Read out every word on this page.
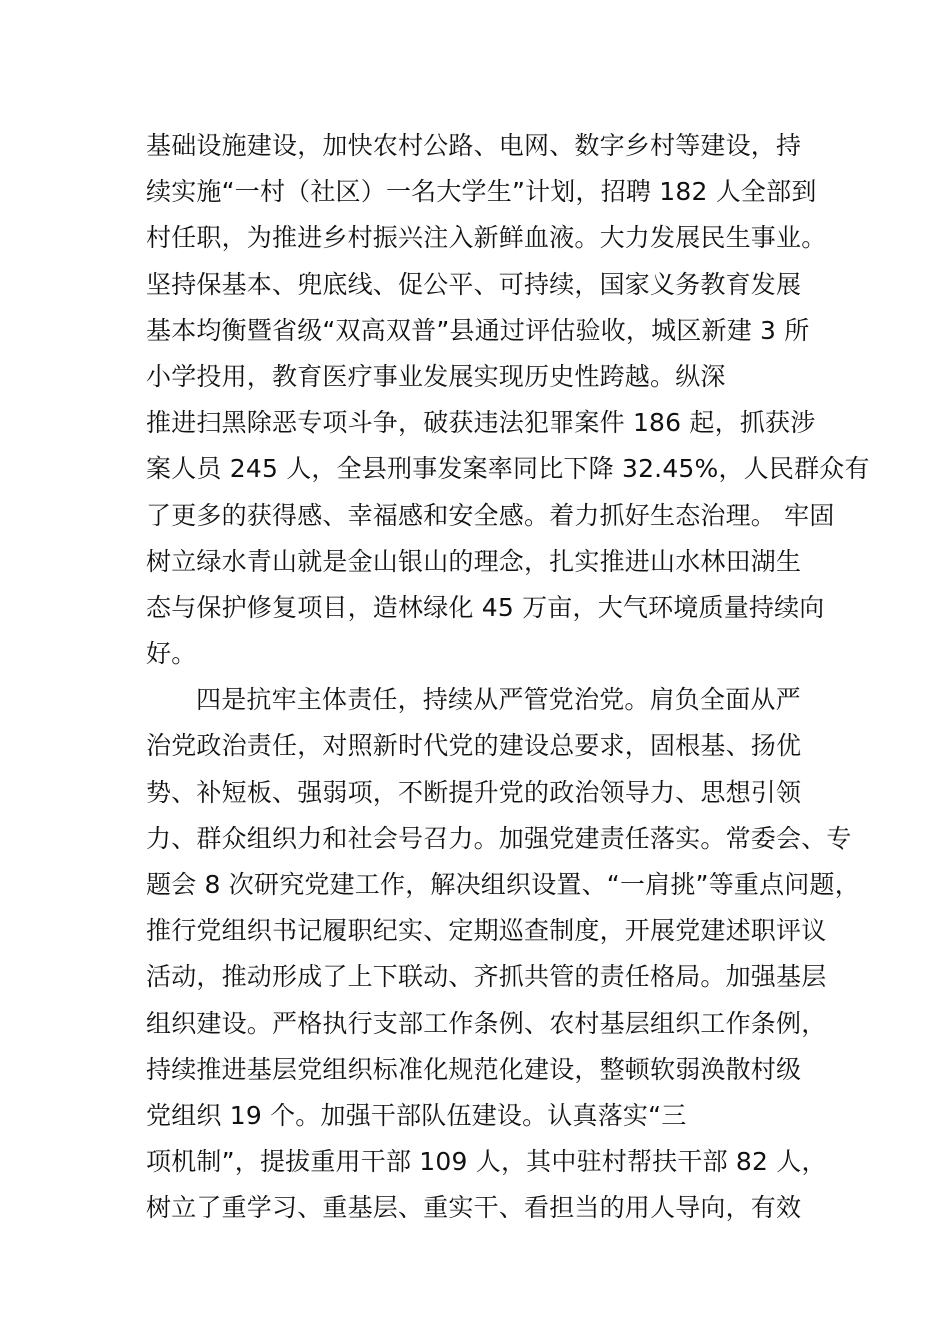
基础设施建设，加快农村公路、电网、数字乡村等建设，持
续实施“一村（社区）一名大学生”计划，招聘 182 人全部到
村任职，为推进乡村振兴注入新鲜血液。大力发展民生事业。
坚持保基本、兜底线、促公平、可持续，国家义务教育发展
基本均衡暨省级“双高双普”县通过评估验收，城区新建 3 所
小学投用，教育医疗事业发展实现历史性跨越。纵深
推进扫黑除恶专项斗争，破获违法犯罪案件 186 起，抓获涉
案人员 245 人，全县刑事发案率同比下降 32.45%，人民群众有
了更多的获得感、幸福感和安全感。着力抓好生态治理。 牢固
树立绿水青山就是金山银山的理念，扎实推进山水林田湖生
态与保护修复项目，造林绿化 45 万亩，大气环境质量持续向
好。
四是抗牢主体责任，持续从严管党治党。肩负全面从严
治党政治责任，对照新时代党的建设总要求，固根基、扬优
势、补短板、强弱项，不断提升党的政治领导力、思想引领
力、群众组织力和社会号召力。加强党建责任落实。常委会、专
题会 8 次研究党建工作，解决组织设置、“一肩挑”等重点问题，
推行党组织书记履职纪实、定期巡查制度，开展党建述职评议
活动，推动形成了上下联动、齐抓共管的责任格局。加强基层
组织建设。严格执行支部工作条例、农村基层组织工作条例，
持续推进基层党组织标准化规范化建设，整顿软弱涣散村级
党组织 19 个。加强干部队伍建设。认真落实“三
项机制”，提拔重用干部 109 人，其中驻村帮扶干部 82 人，
树立了重学习、重基层、重实干、看担当的用人导向，有效
